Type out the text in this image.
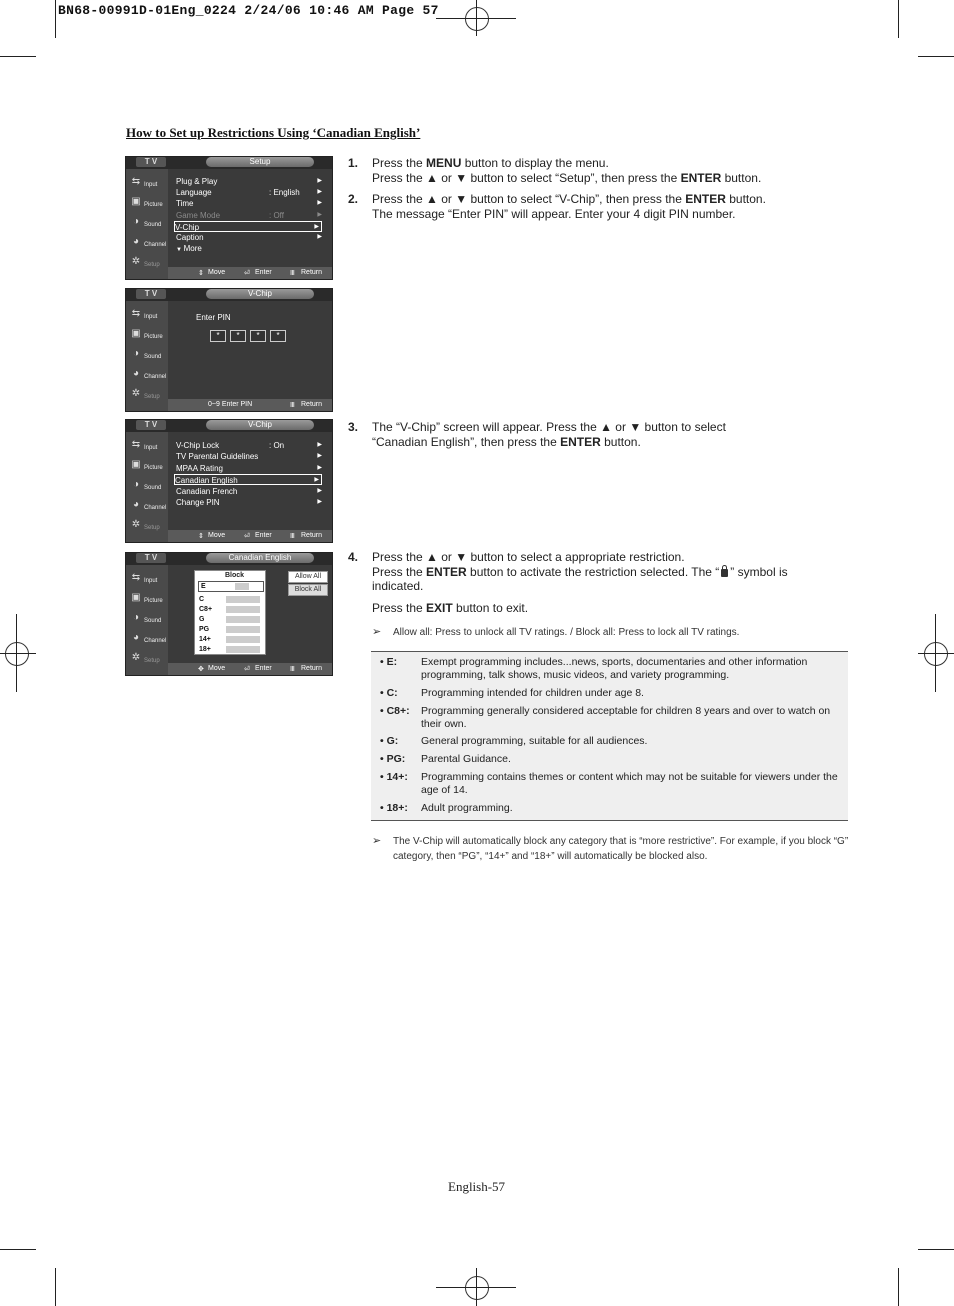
BN68-00991D-01Eng_0224 2/24/06 10:46 AM Page 57
How to Set up Restrictions Using ‘Canadian English’
T V	Setup
⇆ Input
▣ Picture
◑ Sound
◕ Channel
✲ Setup
Plug & Play	▶
Language	: English	▶
Time	▶
Game Mode	: Off	▶
V-Chip	▶
Caption	▶
▼ More
⇕ Move	⏎ Enter	Ⅲ Return
T V	V-Chip
⇆ Input
▣ Picture
◑ Sound
◕ Channel
✲ Setup
Enter PIN
*	*	*	*
0~9 Enter PIN	Ⅲ Return
T V	V-Chip
⇆ Input
▣ Picture
◑ Sound
◕ Channel
✲ Setup
V-Chip Lock	: On	▶
TV Parental Guidelines	▶
MPAA Rating	▶
Canadian English	▶
Canadian French	▶
Change PIN	▶
⇕ Move	⏎ Enter	Ⅲ Return
T V	Canadian English
⇆ Input
▣ Picture
◑ Sound
◕ Channel
✲ Setup
Block
E
C
C8+
G
PG
14+
18+
Allow All
Block All
✥ Move	⏎ Enter	Ⅲ Return
1. Press the MENU button to display the menu.
Press the ▲ or ▼ button to select “Setup”, then press the ENTER button.
2. Press the ▲ or ▼ button to select “V-Chip”, then press the ENTER button.
The message “Enter PIN” will appear. Enter your 4 digit PIN number.
3. The “V-Chip” screen will appear. Press the ▲ or ▼ button to select
“Canadian English”, then press the ENTER button.
4. Press the ▲ or ▼ button to select a appropriate restriction.
Press the ENTER button to activate the restriction selected. The “ ” symbol is
indicated.
Press the EXIT button to exit.
➢ Allow all: Press to unlock all TV ratings. / Block all: Press to lock all TV ratings.
• E: Exempt programming includes...news, sports, documentaries and other information programming, talk shows, music videos, and variety programming.
• C: Programming intended for children under age 8.
• C8+: Programming generally considered acceptable for children 8 years and over to watch on their own.
• G: General programming, suitable for all audiences.
• PG: Parental Guidance.
• 14+: Programming contains themes or content which may not be suitable for viewers under the age of 14.
• 18+: Adult programming.
➢ The V-Chip will automatically block any category that is “more restrictive”. For example, if you block “G” category, then “PG”, “14+” and “18+” will automatically be blocked also.
English-57
